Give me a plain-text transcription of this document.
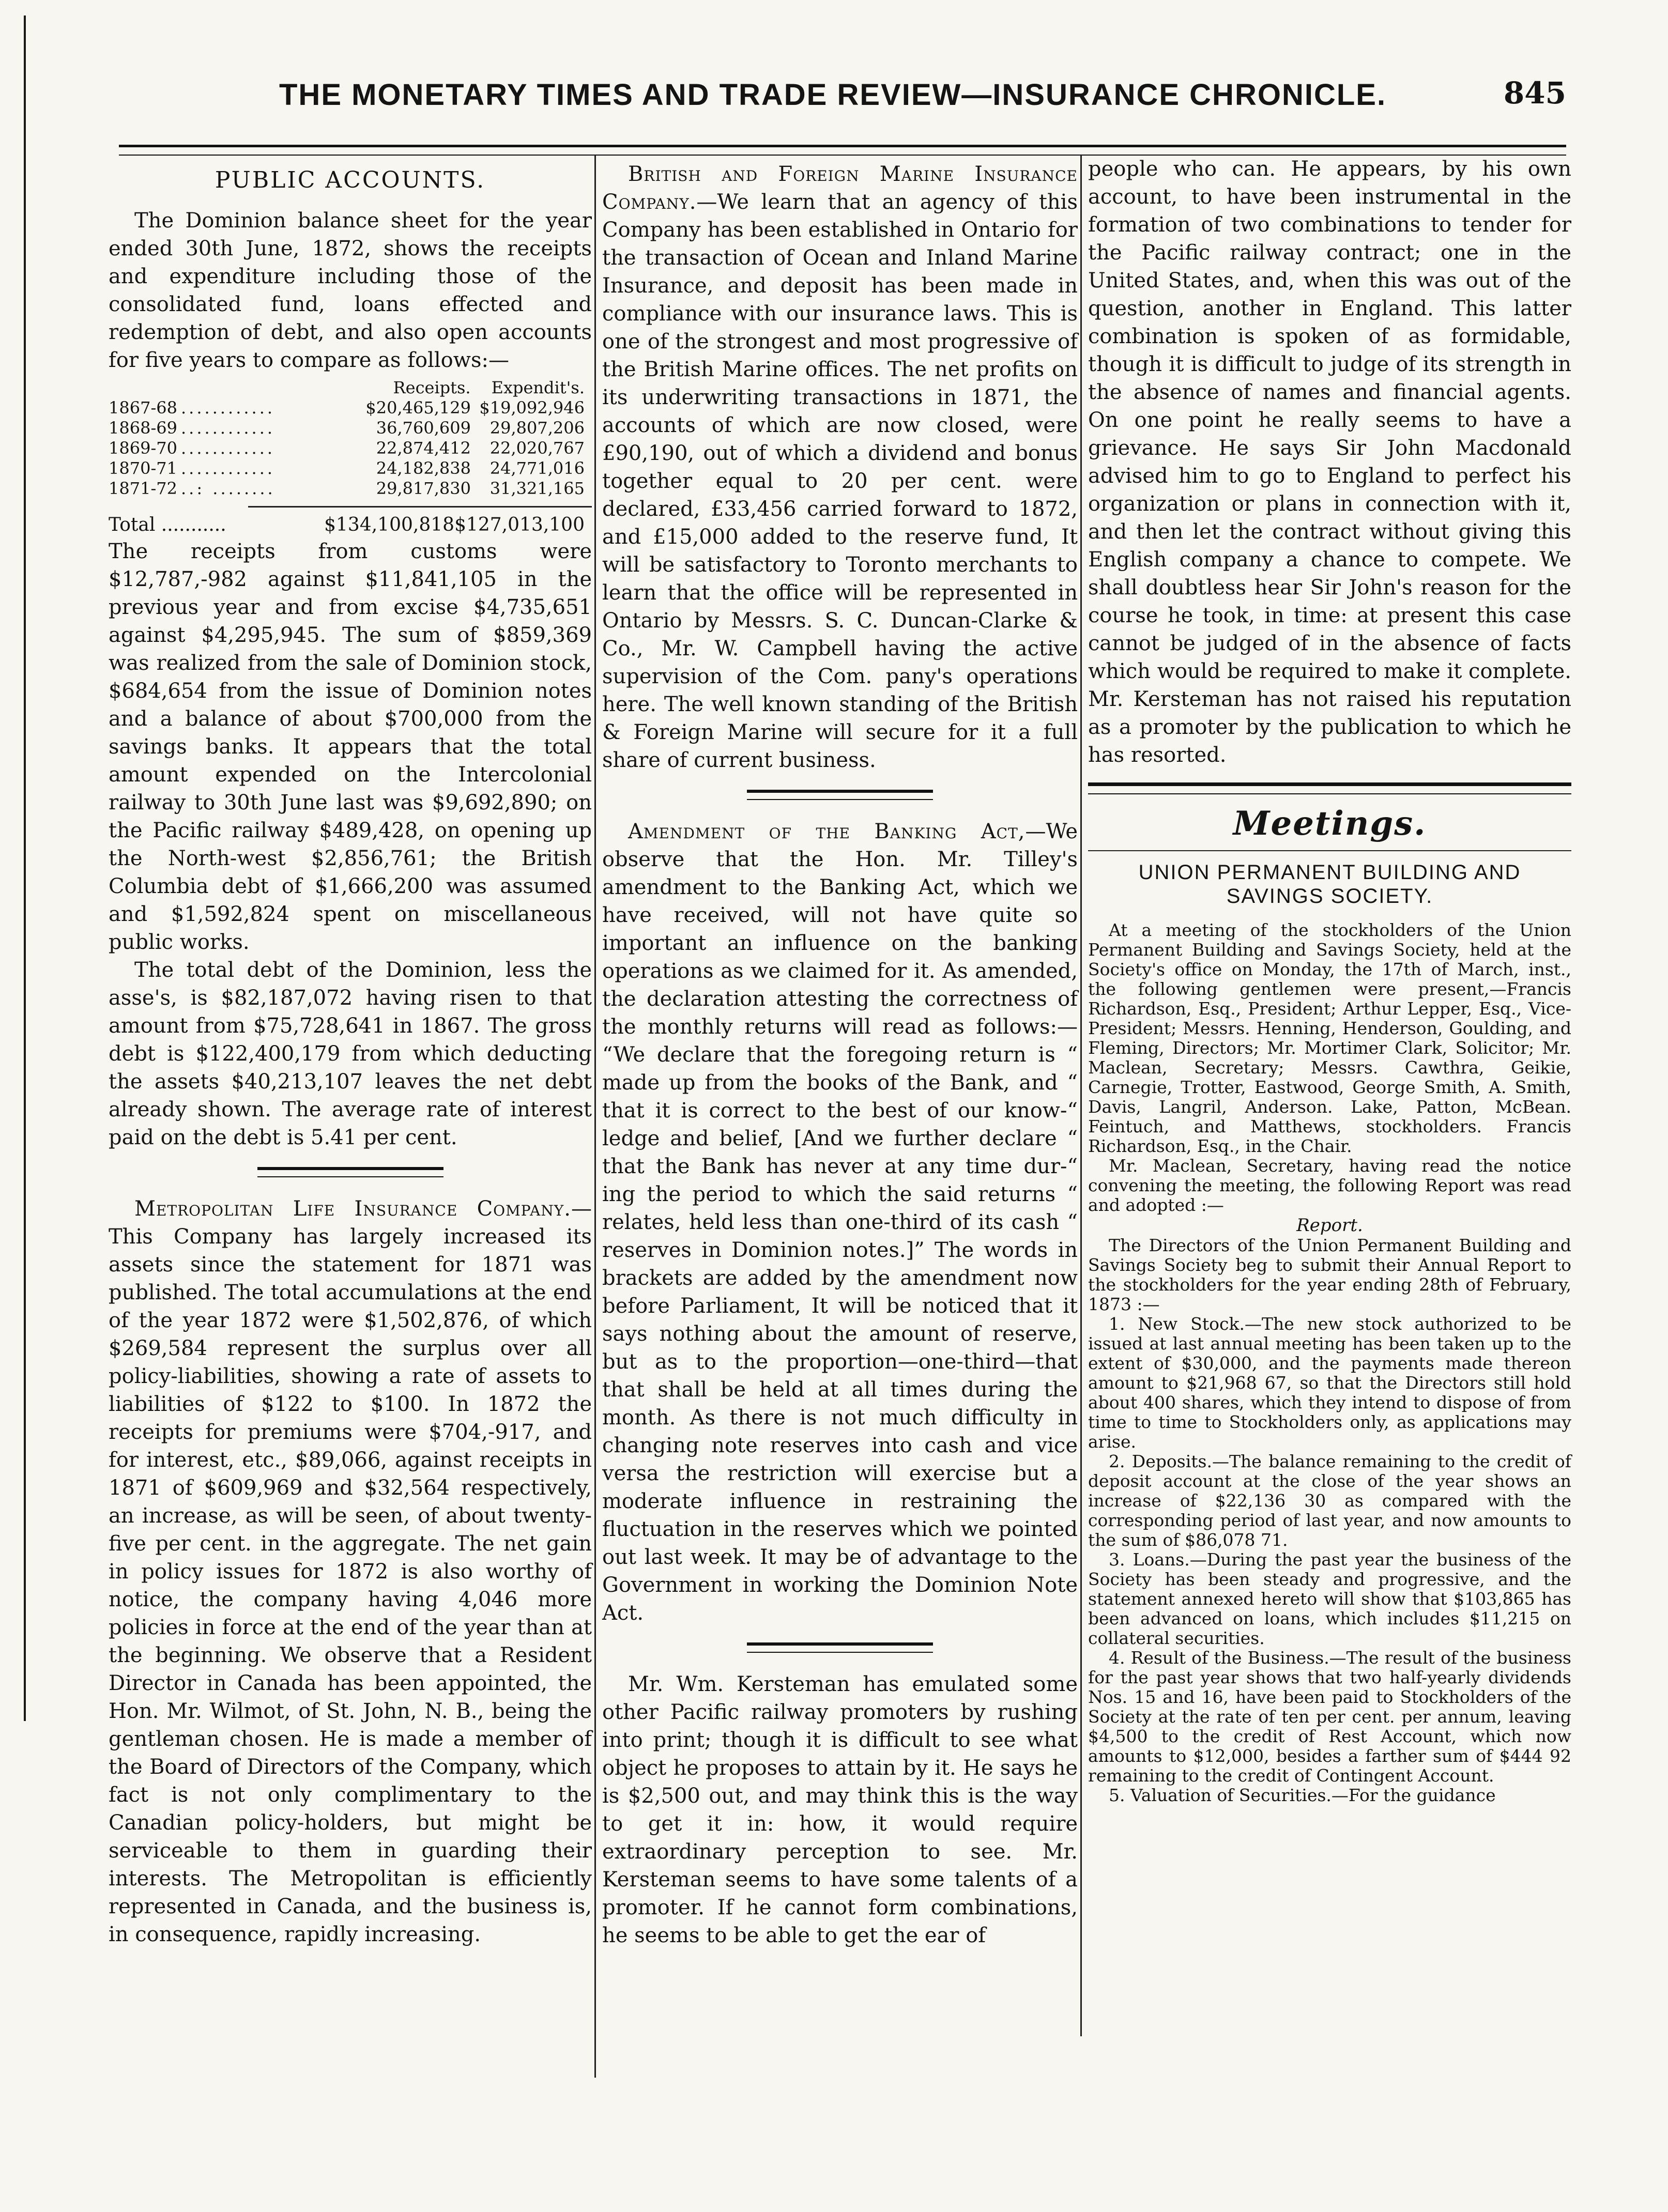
THE MONETARY TIMES AND TRADE REVIEW—INSURANCE CHRONICLE.	845
PUBLIC ACCOUNTS.

The Dominion balance sheet for the year ended 30th June, 1872, shows the receipts and expenditure including those of the consolidated fund, loans effected and redemption of debt, and also open accounts for five years to compare as follows:—

Receipts. Expendit's.
1867-68 ............	$20,465,129 $19,092,946
1868-69 ............	36,760,609	29,807,206
1869-70 ............	22,874,412	22,020,767
1870-71 ............	24,182,838	24,771,016
1871-72 ..: ........	29,817,830	31,321,165
Total ...........	$134,100,818 $127,013,100

The receipts from customs were $12,787,-982 against $11,841,105 in the previous year and from excise $4,735,651 against $4,295,945. The sum of $859,369 was realized from the sale of Dominion stock, $684,654 from the issue of Dominion notes and a balance of about $700,000 from the savings banks. It appears that the total amount expended on the Intercolonial railway to 30th June last was $9,692,890; on the Pacific railway $489,428, on opening up the North-west $2,856,761; the British Columbia debt of $1,666,200 was assumed and $1,592,824 spent on miscellaneous public works.

The total debt of the Dominion, less the asse's, is $82,187,072 having risen to that amount from $75,728,641 in 1867. The gross debt is $122,400,179 from which deducting the assets $40,213,107 leaves the net debt already shown. The average rate of interest paid on the debt is 5.41 per cent.

Metropolitan Life Insurance Company.—This Company has largely increased its assets since the statement for 1871 was published. The total accumulations at the end of the year 1872 were $1,502,876, of which $269,584 represent the surplus over all policy-liabilities, showing a rate of assets to liabilities of $122 to $100. In 1872 the receipts for premiums were $704,-917, and for interest, etc., $89,066, against receipts in 1871 of $609,969 and $32,564 respectively, an increase, as will be seen, of about twenty-five per cent. in the aggregate. The net gain in policy issues for 1872 is also worthy of notice, the company having 4,046 more policies in force at the end of the year than at the beginning. We observe that a Resident Director in Canada has been appointed, the Hon. Mr. Wilmot, of St. John, N. B., being the gentleman chosen. He is made a member of the Board of Directors of the Company, which fact is not only complimentary to the Canadian policy-holders, but might be serviceable to them in guarding their interests. The Metropolitan is efficiently represented in Canada, and the business is, in consequence, rapidly increasing.

British and Foreign Marine Insurance Company.—We learn that an agency of this Company has been established in Ontario for the transaction of Ocean and Inland Marine Insurance, and deposit has been made in compliance with our insurance laws. This is one of the strongest and most progressive of the British Marine offices. The net profits on its underwriting transactions in 1871, the accounts of which are now closed, were £90,190, out of which a dividend and bonus together equal to 20 per cent. were declared, £33,456 carried forward to 1872, and £15,000 added to the reserve fund, It will be satisfactory to Toronto merchants to learn that the office will be represented in Ontario by Messrs. S. C. Duncan-Clarke & Co., Mr. W. Campbell having the active supervision of the Com. pany's operations here. The well known standing of the British & Foreign Marine will secure for it a full share of current business.

Amendment of the Banking Act,—We observe that the Hon. Mr. Tilley's amendment to the Banking Act, which we have received, will not have quite so important an influence on the banking operations as we claimed for it. As amended, the declaration attesting the correctness of the monthly returns will read as follows:— “We declare that the foregoing return is “ made up from the books of the Bank, and “ that it is correct to the best of our know-“ ledge and belief, [And we further declare “ that the Bank has never at any time dur-“ ing the period to which the said returns “ relates, held less than one-third of its cash “ reserves in Dominion notes.]” The words in brackets are added by the amendment now before Parliament, It will be noticed that it says nothing about the amount of reserve, but as to the proportion—one-third—that that shall be held at all times during the month. As there is not much difficulty in changing note reserves into cash and vice versa the restriction will exercise but a moderate influence in restraining the fluctuation in the reserves which we pointed out last week. It may be of advantage to the Government in working the Dominion Note Act.

Mr. Wm. Kersteman has emulated some other Pacific railway promoters by rushing into print; though it is difficult to see what object he proposes to attain by it. He says he is $2,500 out, and may think this is the way to get it in: how, it would require extraordinary perception to see. Mr. Kersteman seems to have some talents of a promoter. If he cannot form combinations, he seems to be able to get the ear of

people who can. He appears, by his own account, to have been instrumental in the formation of two combinations to tender for the Pacific railway contract; one in the United States, and, when this was out of the question, another in England. This latter combination is spoken of as formidable, though it is difficult to judge of its strength in the absence of names and financial agents. On one point he really seems to have a grievance. He says Sir John Macdonald advised him to go to England to perfect his organization or plans in connection with it, and then let the contract without giving this English company a chance to compete. We shall doubtless hear Sir John's reason for the course he took, in time: at present this case cannot be judged of in the absence of facts which would be required to make it complete. Mr. Kersteman has not raised his reputation as a promoter by the publication to which he has resorted.

Meetings.
UNION PERMANENT BUILDING AND SAVINGS SOCIETY.

At a meeting of the stockholders of the Union Permanent Building and Savings Society, held at the Society's office on Monday, the 17th of March, inst., the following gentlemen were present,—Francis Richardson, Esq., President; Arthur Lepper, Esq., Vice-President; Messrs. Henning, Henderson, Goulding, and Fleming, Directors; Mr. Mortimer Clark, Solicitor; Mr. Maclean, Secretary; Messrs. Cawthra, Geikie, Carnegie, Trotter, Eastwood, George Smith, A. Smith, Davis, Langril, Anderson. Lake, Patton, McBean. Feintuch, and Matthews, stockholders. Francis Richardson, Esq., in the Chair.

Mr. Maclean, Secretary, having read the notice convening the meeting, the following Report was read and adopted :—

Report.

The Directors of the Union Permanent Building and Savings Society beg to submit their Annual Report to the stockholders for the year ending 28th of February, 1873 :—

1. New Stock.—The new stock authorized to be issued at last annual meeting has been taken up to the extent of $30,000, and the payments made thereon amount to $21,968 67, so that the Directors still hold about 400 shares, which they intend to dispose of from time to time to Stockholders only, as applications may arise.

2. Deposits.—The balance remaining to the credit of deposit account at the close of the year shows an increase of $22,136 30 as compared with the corresponding period of last year, and now amounts to the sum of $86,078 71.

3. Loans.—During the past year the business of the Society has been steady and progressive, and the statement annexed hereto will show that $103,865 has been advanced on loans, which includes $11,215 on collateral securities.

4. Result of the Business.—The result of the business for the past year shows that two half-yearly dividends Nos. 15 and 16, have been paid to Stockholders of the Society at the rate of ten per cent. per annum, leaving $4,500 to the credit of Rest Account, which now amounts to $12,000, besides a farther sum of $444 92 remaining to the credit of Contingent Account.

5. Valuation of Securities.—For the guidance
